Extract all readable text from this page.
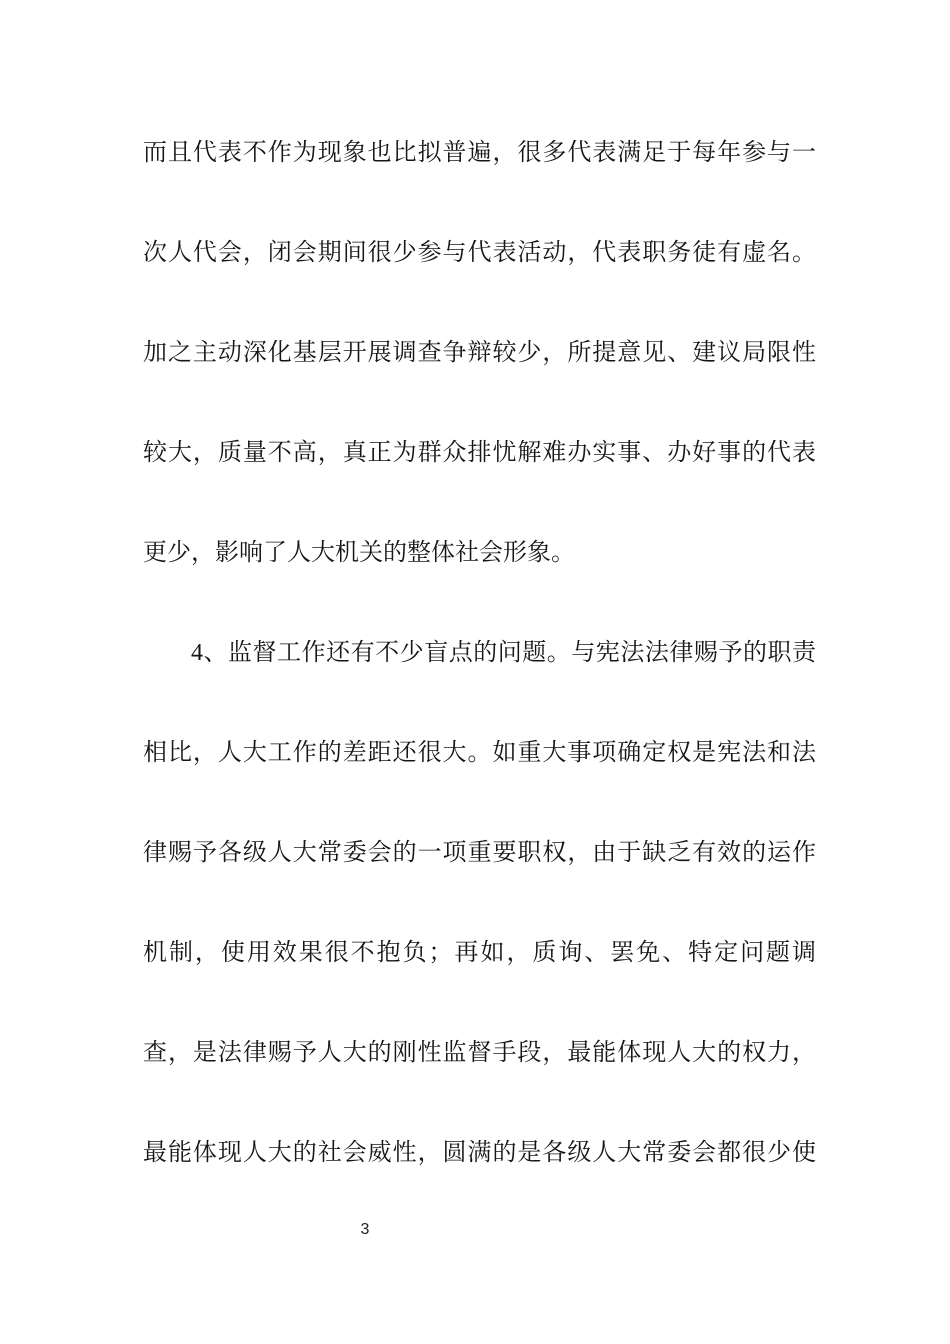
而且代表不作为现象也比拟普遍，很多代表满足于每年参与一
次人代会，闭会期间很少参与代表活动，代表职务徒有虚名。
加之主动深化基层开展调查争辩较少，所提意见、建议局限性
较大，质量不高，真正为群众排忧解难办实事、办好事的代表
更少，影响了人大机关的整体社会形象。
4、监督工作还有不少盲点的问题。与宪法法律赐予的职责
相比，人大工作的差距还很大。如重大事项确定权是宪法和法
律赐予各级人大常委会的一项重要职权，由于缺乏有效的运作
机制，使用效果很不抱负；再如，质询、罢免、特定问题调
查，是法律赐予人大的刚性监督手段，最能体现人大的权力，
最能体现人大的社会威性，圆满的是各级人大常委会都很少使
3
